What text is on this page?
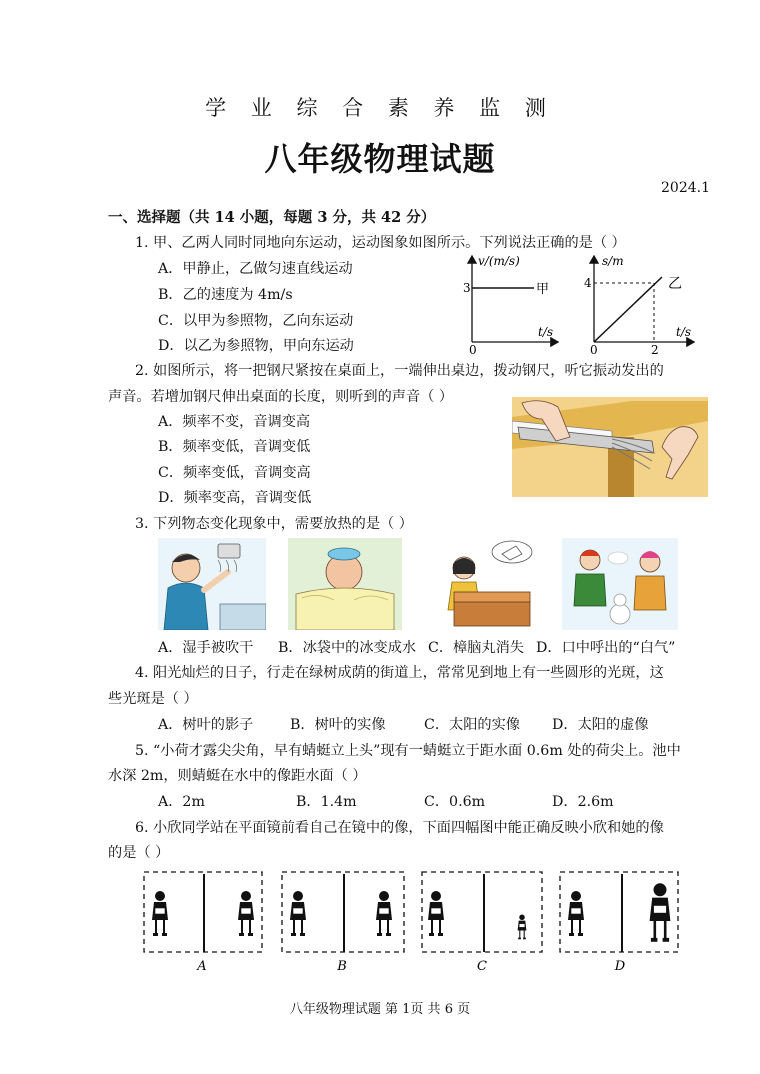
学 业 综 合 素 养 监 测
八年级物理试题
2024.1
一、选择题（共 14 小题，每题 3 分，共 42 分）
1. 甲、乙两人同时同地向东运动，运动图象如图所示。下列说法正确的是（ ）
A．甲静止，乙做匀速直线运动
B．乙的速度为 4m/s
C．以甲为参照物，乙向东运动
D．以乙为参照物，甲向东运动
v/(m/s)
t/s
3
0
甲
s/m
t/s
4
0	2
乙
2. 如图所示，将一把钢尺紧按在桌面上，一端伸出桌边，拨动钢尺，听它振动发出的
声音。若增加钢尺伸出桌面的长度，则听到的声音（ ）
A．频率不变，音调变高
B．频率变低，音调变低
C．频率变低，音调变高
D．频率变高，音调变低
3. 下列物态变化现象中，需要放热的是（ ）
A．湿手被吹干 B．冰袋中的冰变成水 C．樟脑丸消失 D．口中呼出的“白气”
4. 阳光灿烂的日子，行走在绿树成荫的街道上，常常见到地上有一些圆形的光斑，这
些光斑是（ ）
A．树叶的影子	B．树叶的实像	C．太阳的实像 D．太阳的虚像
5. “小荷才露尖尖角，早有蜻蜓立上头”现有一蜻蜓立于距水面 0.6m 处的荷尖上。池中
水深 2m，则蜻蜓在水中的像距水面（ ）
A．2m	B．1.4m	C．0.6m	D．2.6m
6. 小欣同学站在平面镜前看自己在镜中的像，下面四幅图中能正确反映小欣和她的像
的是（ ）
A	B	C	D
八年级物理试题 第 1页 共 6 页
